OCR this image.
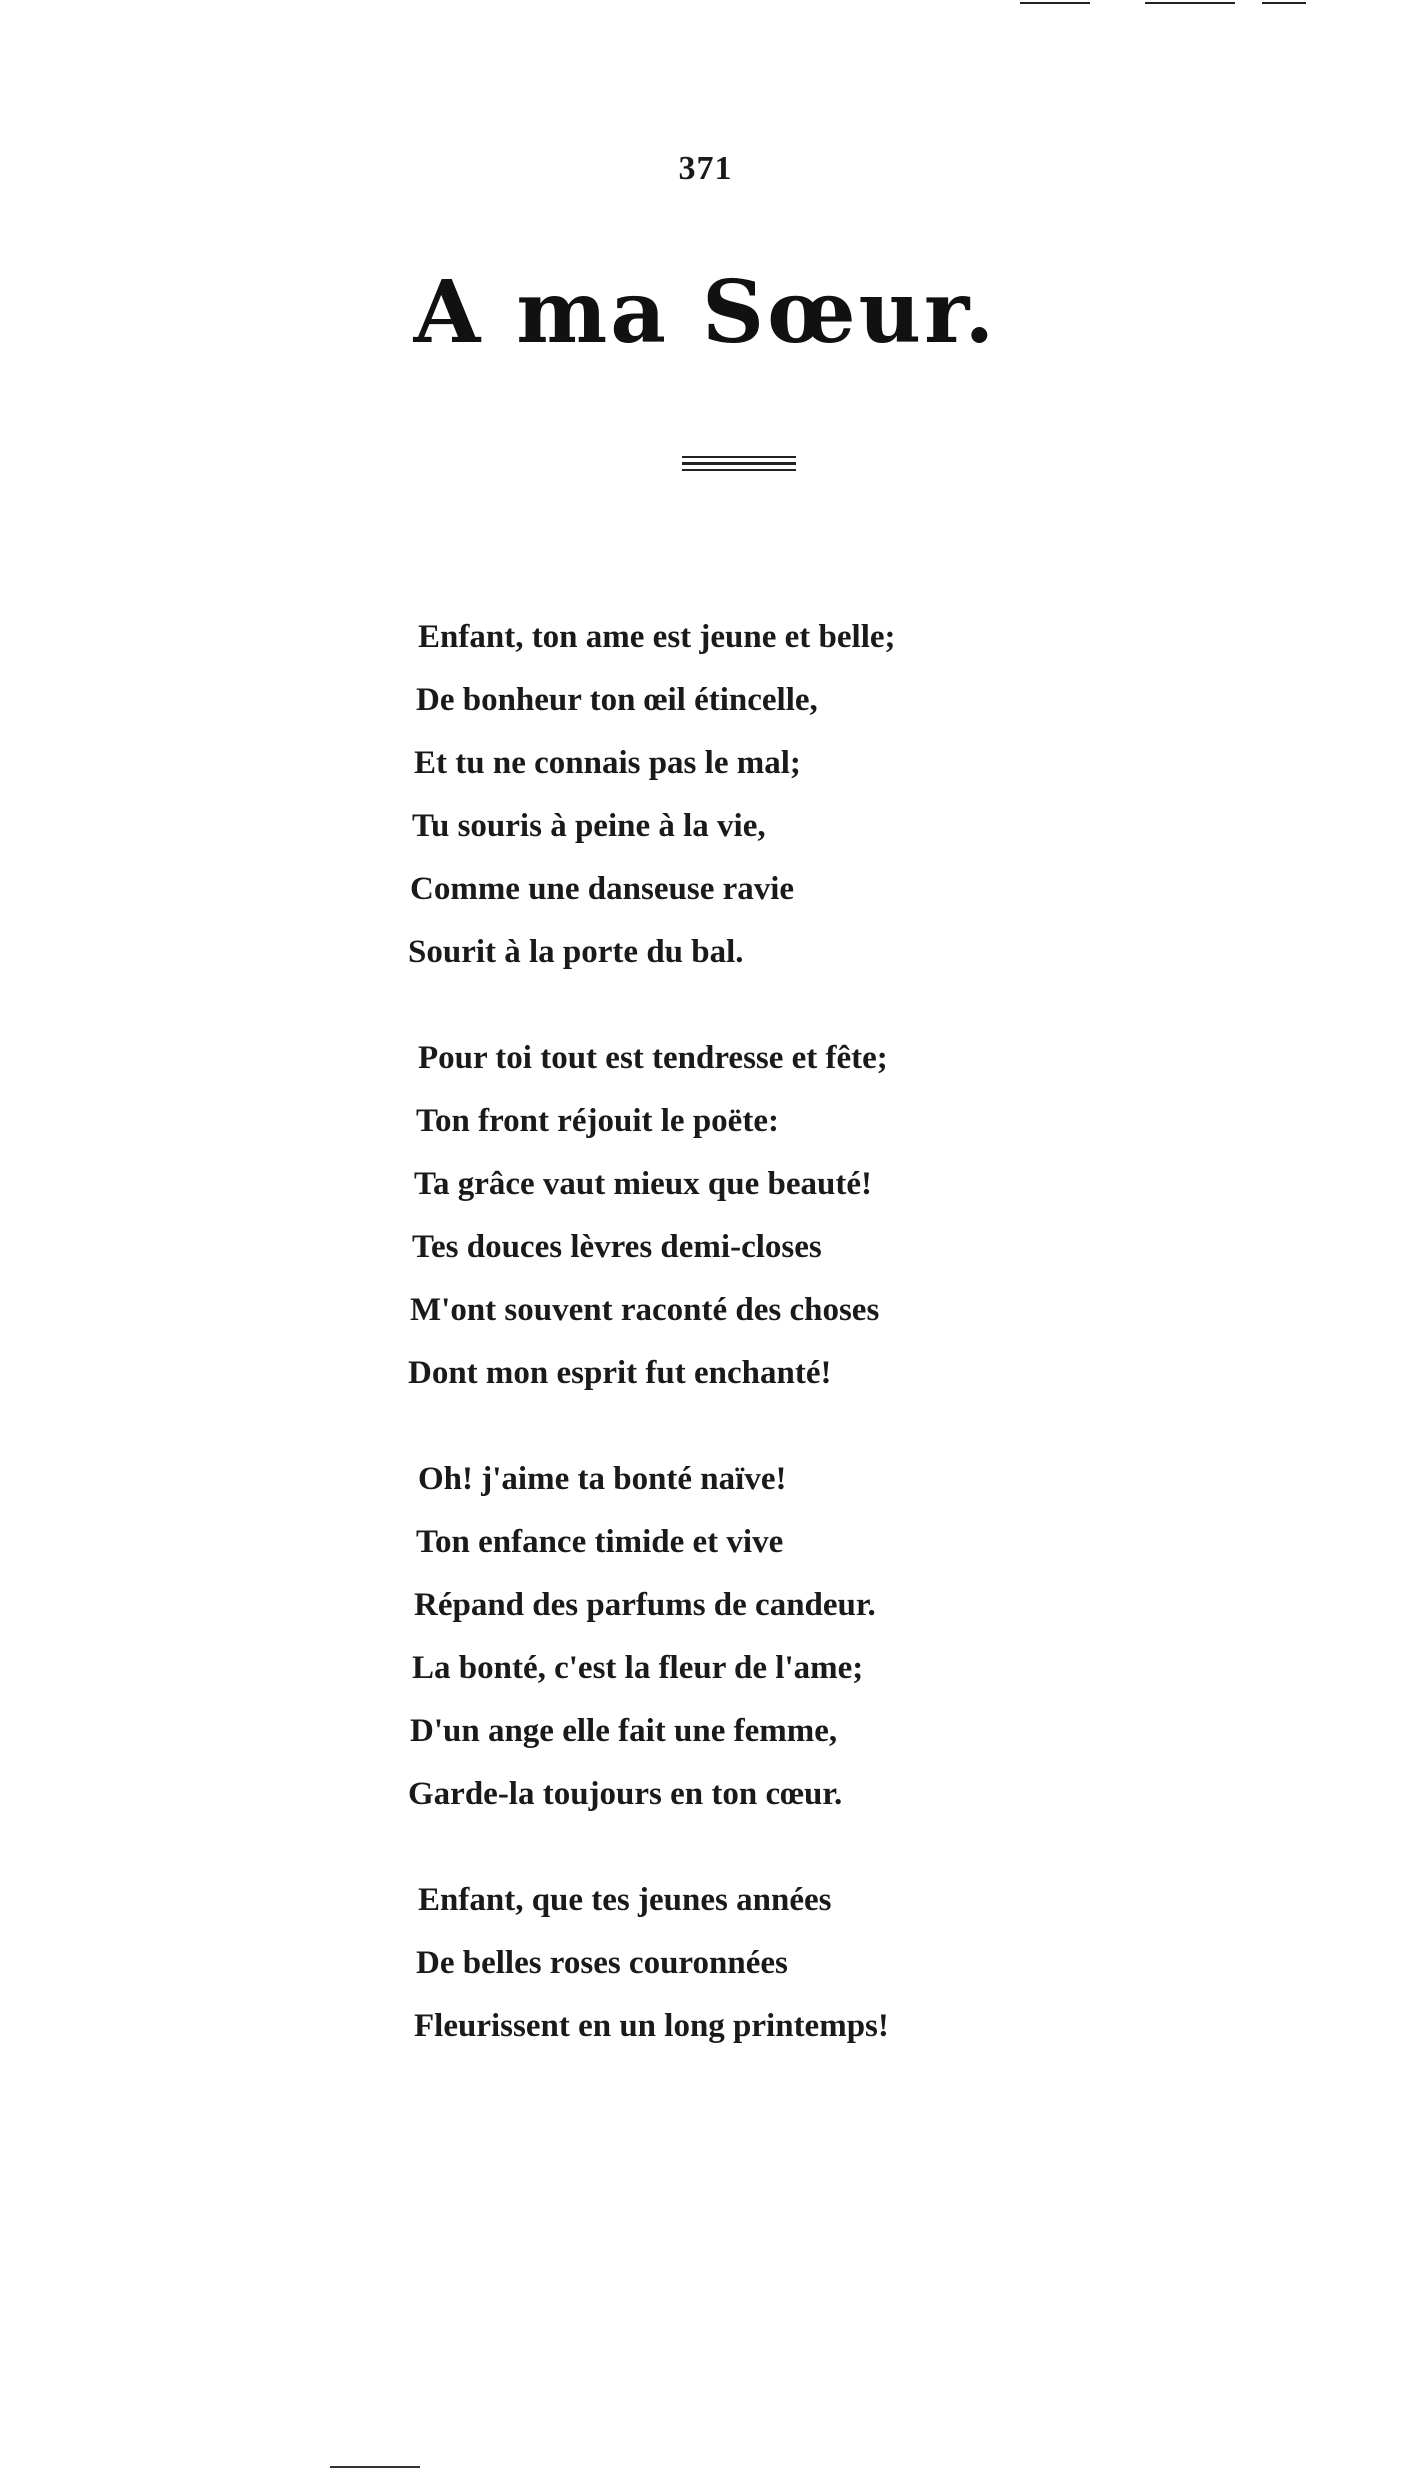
371
A ma Sœur.
Enfant, ton ame est jeune et belle;
De bonheur ton œil étincelle,
Et tu ne connais pas le mal;
Tu souris à peine à la vie,
Comme une danseuse ravie
Sourit à la porte du bal.
Pour toi tout est tendresse et fête;
Ton front réjouit le poëte:
Ta grâce vaut mieux que beauté!
Tes douces lèvres demi-closes
M'ont souvent raconté des choses
Dont mon esprit fut enchanté!
Oh! j'aime ta bonté naïve!
Ton enfance timide et vive
Répand des parfums de candeur.
La bonté, c'est la fleur de l'ame;
D'un ange elle fait une femme,
Garde-la toujours en ton cœur.
Enfant, que tes jeunes années
De belles roses couronnées
Fleurissent en un long printemps!
